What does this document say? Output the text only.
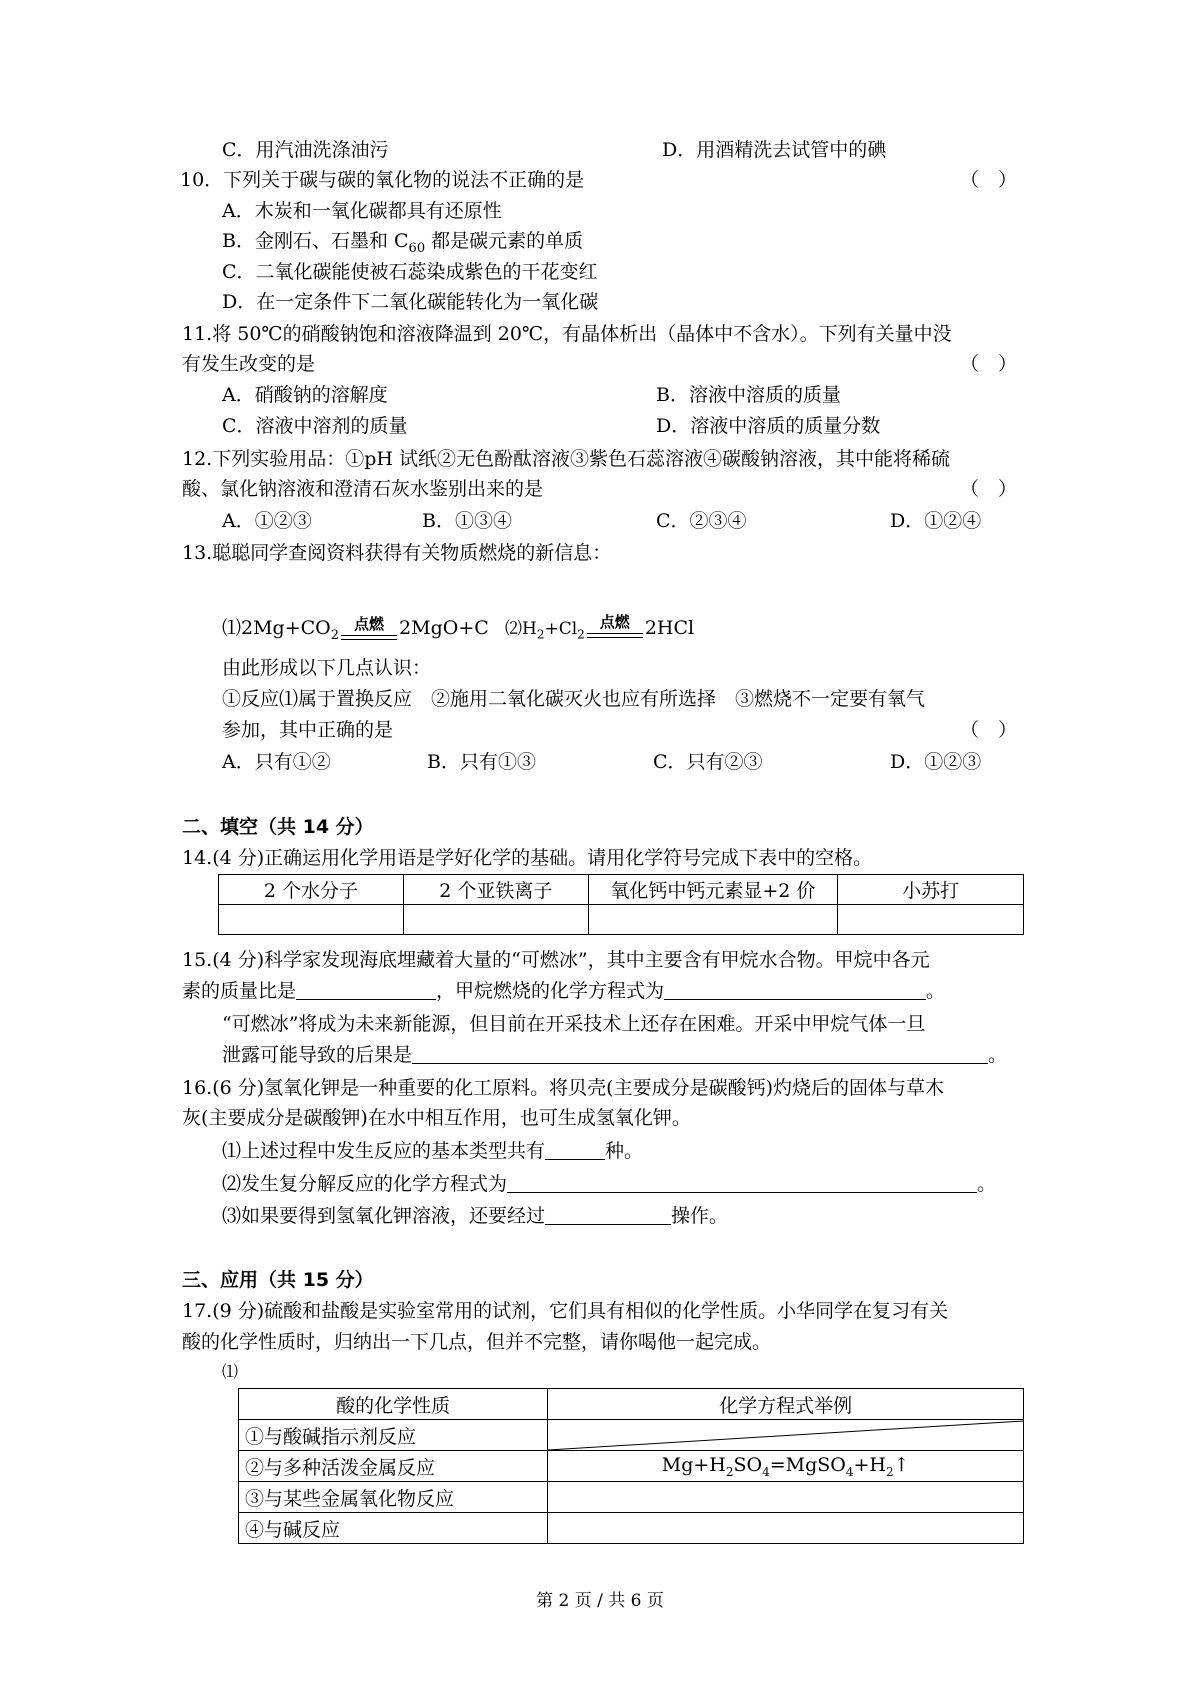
C．用汽油洗涤油污	D．用酒精洗去试管中的碘
10．下列关于碳与碳的氧化物的说法不正确的是	（　）
A．木炭和一氧化碳都具有还原性
B．金刚石、石墨和 $C_{60}$ 都是碳元素的单质
C．二氧化碳能使被石蕊染成紫色的干花变红
D．在一定条件下二氧化碳能转化为一氧化碳
11.将 50℃的硝酸钠饱和溶液降温到 20℃，有晶体析出（晶体中不含水）。下列有关量中没
有发生改变的是	（　）
A．硝酸钠的溶解度	B．溶液中溶质的质量
C．溶液中溶剂的质量	D．溶液中溶质的质量分数
12.下列实验用品：①pH 试纸②无色酚酞溶液③紫色石蕊溶液④碳酸钠溶液，其中能将稀硫
酸、氯化钠溶液和澄清石灰水鉴别出来的是	（　）
A．①②③	B．①③④	C．②③④	D．①②④
13.聪聪同学查阅资料获得有关物质燃烧的新信息：
$⑴2Mg+CO_2$
点燃 2MgO+C $⑵H_2+Cl_2$
点燃 2HCl
由此形成以下几点认识：
①反应⑴属于置换反应　②施用二氧化碳灭火也应有所选择　③燃烧不一定要有氧气
参加，其中正确的是	（　）
A．只有①②	B．只有①③	C．只有②③	D．①②③
二、填空（共 14 分）
14.(4 分)正确运用化学用语是学好化学的基础。请用化学符号完成下表中的空格。
2 个水分子	2 个亚铁离子	氧化钙中钙元素显+2 价	小苏打

15.(4 分)科学家发现海底埋藏着大量的“可燃冰”，其中主要含有甲烷水合物。甲烷中各元
素的质量比是	，甲烷燃烧的化学方程式为	。
“可燃冰”将成为未来新能源，但目前在开采技术上还存在困难。开采中甲烷气体一旦
泄露可能导致的后果是	。
16.(6 分)氢氧化钾是一种重要的化工原料。将贝壳(主要成分是碳酸钙)灼烧后的固体与草木
灰(主要成分是碳酸钾)在水中相互作用，也可生成氢氧化钾。
⑴上述过程中发生反应的基本类型共有	种。
⑵发生复分解反应的化学方程式为	。
⑶如果要得到氢氧化钾溶液，还要经过	操作。
三、应用（共 15 分）
17.(9 分)硫酸和盐酸是实验室常用的试剂，它们具有相似的化学性质。小华同学在复习有关
酸的化学性质时，归纳出一下几点，但并不完整，请你喝他一起完成。
⑴
酸的化学性质	化学方程式举例
①与酸碱指示剂反应	

②与多种活泼金属反应	$Mg+H_2SO_4=MgSO_4+H_2↑$
③与某些金属氧化物反应	
④与碱反应	
第 2 页 / 共 6 页
